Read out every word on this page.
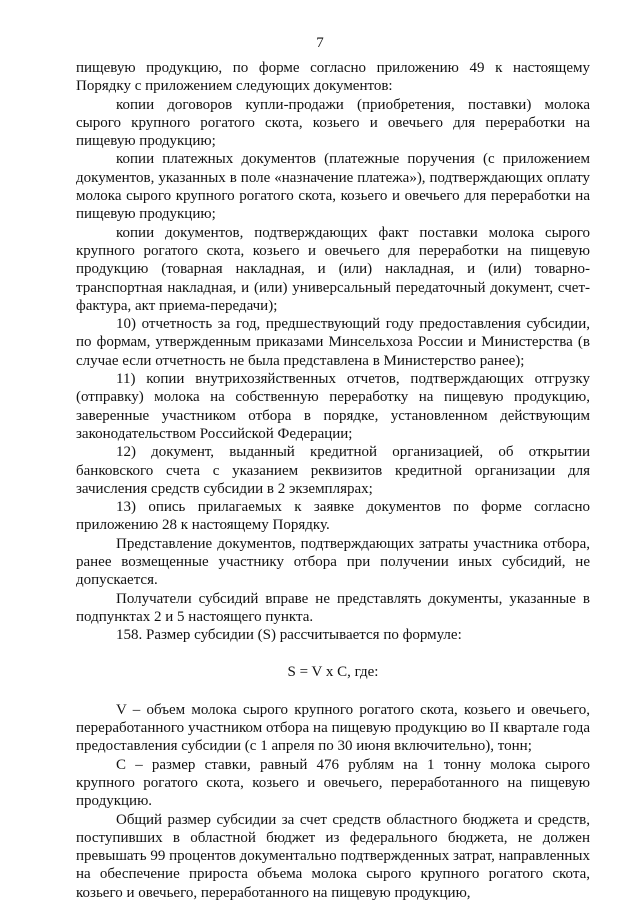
7

пищевую продукцию, по форме согласно приложению 49 к настоящему Порядку с приложением следующих документов:

копии договоров купли-продажи (приобретения, поставки) молока сырого крупного рогатого скота, козьего и овечьего для переработки на пищевую продукцию;

копии платежных документов (платежные поручения (с приложением документов, указанных в поле «назначение платежа»), подтверждающих оплату молока сырого крупного рогатого скота, козьего и овечьего для переработки на пищевую продукцию;

копии документов, подтверждающих факт поставки молока сырого крупного рогатого скота, козьего и овечьего для переработки на пищевую продукцию (товарная накладная, и (или) накладная, и (или) товарно-транспортная накладная, и (или) универсальный передаточный документ, счет-фактура, акт приема-передачи);

10) отчетность за год, предшествующий году предоставления субсидии, по формам, утвержденным приказами Минсельхоза России и Министерства (в случае если отчетность не была представлена в Министерство ранее);

11) копии внутрихозяйственных отчетов, подтверждающих отгрузку (отправку) молока на собственную переработку на пищевую продукцию, заверенные участником отбора в порядке, установленном действующим законодательством Российской Федерации;

12) документ, выданный кредитной организацией, об открытии банковского счета с указанием реквизитов кредитной организации для зачисления средств субсидии в 2 экземплярах;

13) опись прилагаемых к заявке документов по форме согласно приложению 28 к настоящему Порядку.

Представление документов, подтверждающих затраты участника отбора, ранее возмещенные участнику отбора при получении иных субсидий, не допускается.

Получатели субсидий вправе не представлять документы, указанные в подпунктах 2 и 5 настоящего пункта.

158. Размер субсидии (S) рассчитывается по формуле:

S = V x C, где:

V – объем молока сырого крупного рогатого скота, козьего и овечьего, переработанного участником отбора на пищевую продукцию во II квартале года предоставления субсидии (с 1 апреля по 30 июня включительно), тонн;

C – размер ставки, равный 476 рублям на 1 тонну молока сырого крупного рогатого скота, козьего и овечьего, переработанного на пищевую продукцию.

Общий размер субсидии за счет средств областного бюджета и средств, поступивших в областной бюджет из федерального бюджета, не должен превышать 99 процентов документально подтвержденных затрат, направленных на обеспечение прироста объема молока сырого крупного рогатого скота, козьего и овечьего, переработанного на пищевую продукцию,
